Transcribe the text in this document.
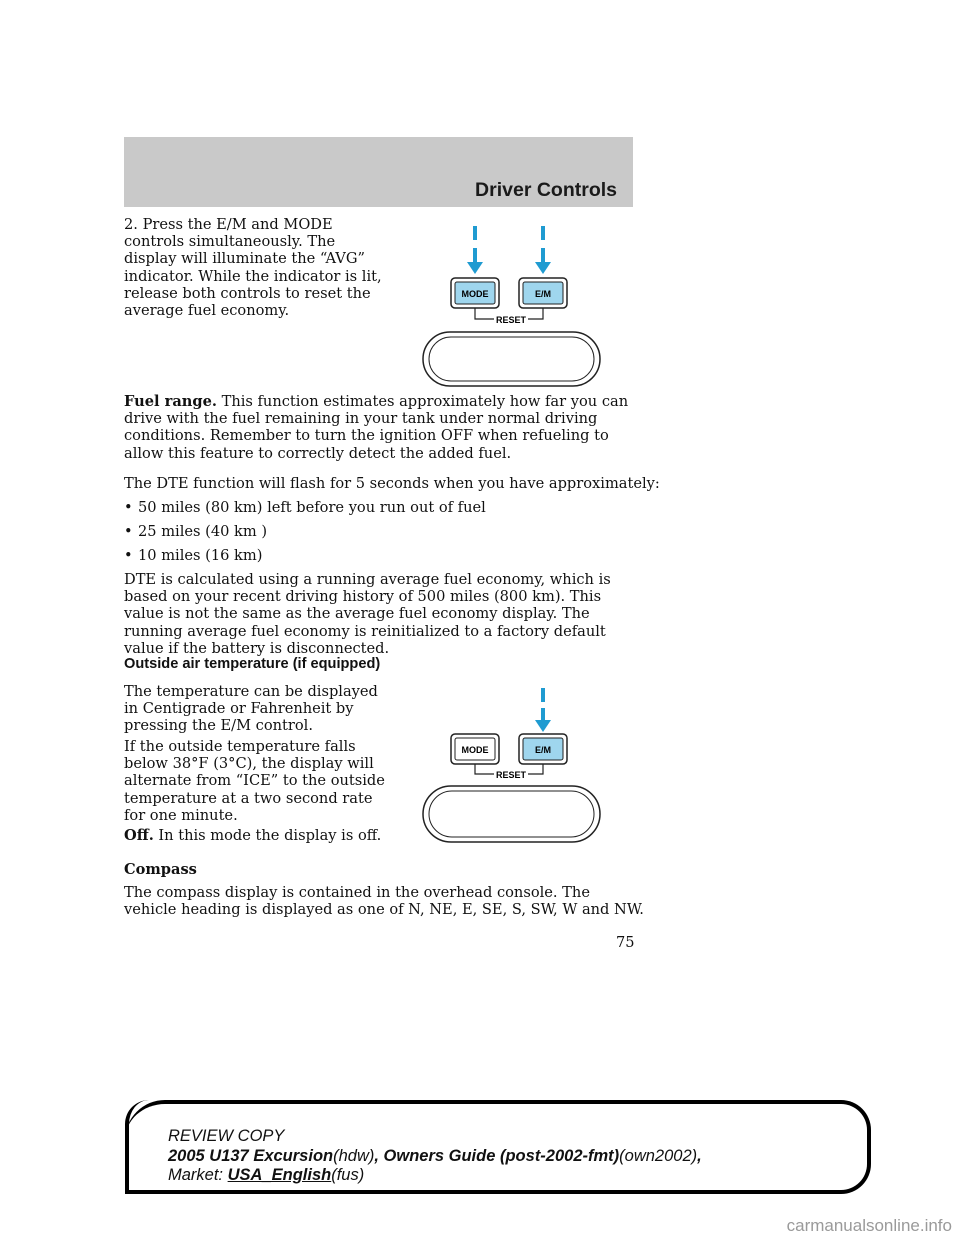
Driver Controls

2. Press the E/M and MODE controls simultaneously. The display will illuminate the “AVG” indicator. While the indicator is lit, release both controls to reset the average fuel economy.

MODE	E/M
RESET

Fuel range. This function estimates approximately how far you can drive with the fuel remaining in your tank under normal driving conditions. Remember to turn the ignition OFF when refueling to allow this feature to correctly detect the added fuel.

The DTE function will flash for 5 seconds when you have approximately:

• 50 miles (80 km) left before you run out of fuel
• 25 miles (40 km )
• 10 miles (16 km)

DTE is calculated using a running average fuel economy, which is based on your recent driving history of 500 miles (800 km). This value is not the same as the average fuel economy display. The running average fuel economy is reinitialized to a factory default value if the battery is disconnected.

Outside air temperature (if equipped)

The temperature can be displayed in Centigrade or Fahrenheit by pressing the E/M control.

If the outside temperature falls below 38°F (3°C), the display will alternate from “ICE” to the outside temperature at a two second rate for one minute.

Off. In this mode the display is off.

MODE	E/M
RESET
Compass

The compass display is contained in the overhead console. The vehicle heading is displayed as one of N, NE, E, SE, S, SW, W and NW.

75
REVIEW COPY
2005 U137 Excursion(hdw), Owners Guide (post-2002-fmt)(own2002),
Market: USA_English(fus)
carmanualsonline.info
